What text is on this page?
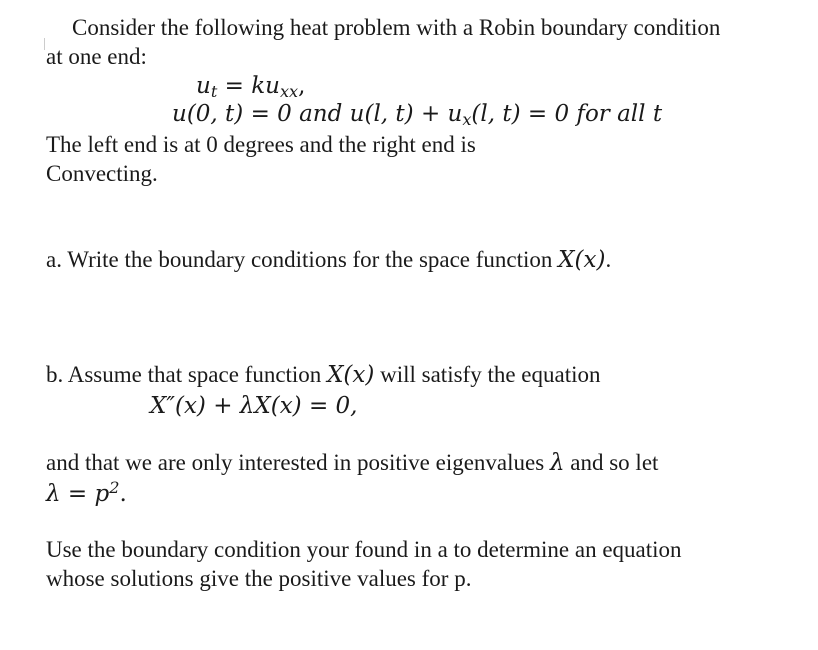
Consider the following heat problem with a Robin boundary condition
at one end:
$u_t = ku_{xx}$,
u(0, t) = 0 and u(l, $t) + u_x(l$, t) = 0 for all t
The left end is at 0 degrees and the right end is
Convecting.
a. Write the boundary conditions for the space function X(x).
b. Assume that space function X(x) will satisfy the equation
X″(x) + λX(x) = 0,
and that we are only interested in positive eigenvalues λ and so let
$\lambda = p^2$.
Use the boundary condition your found in a to determine an equation
whose solutions give the positive values for p.
